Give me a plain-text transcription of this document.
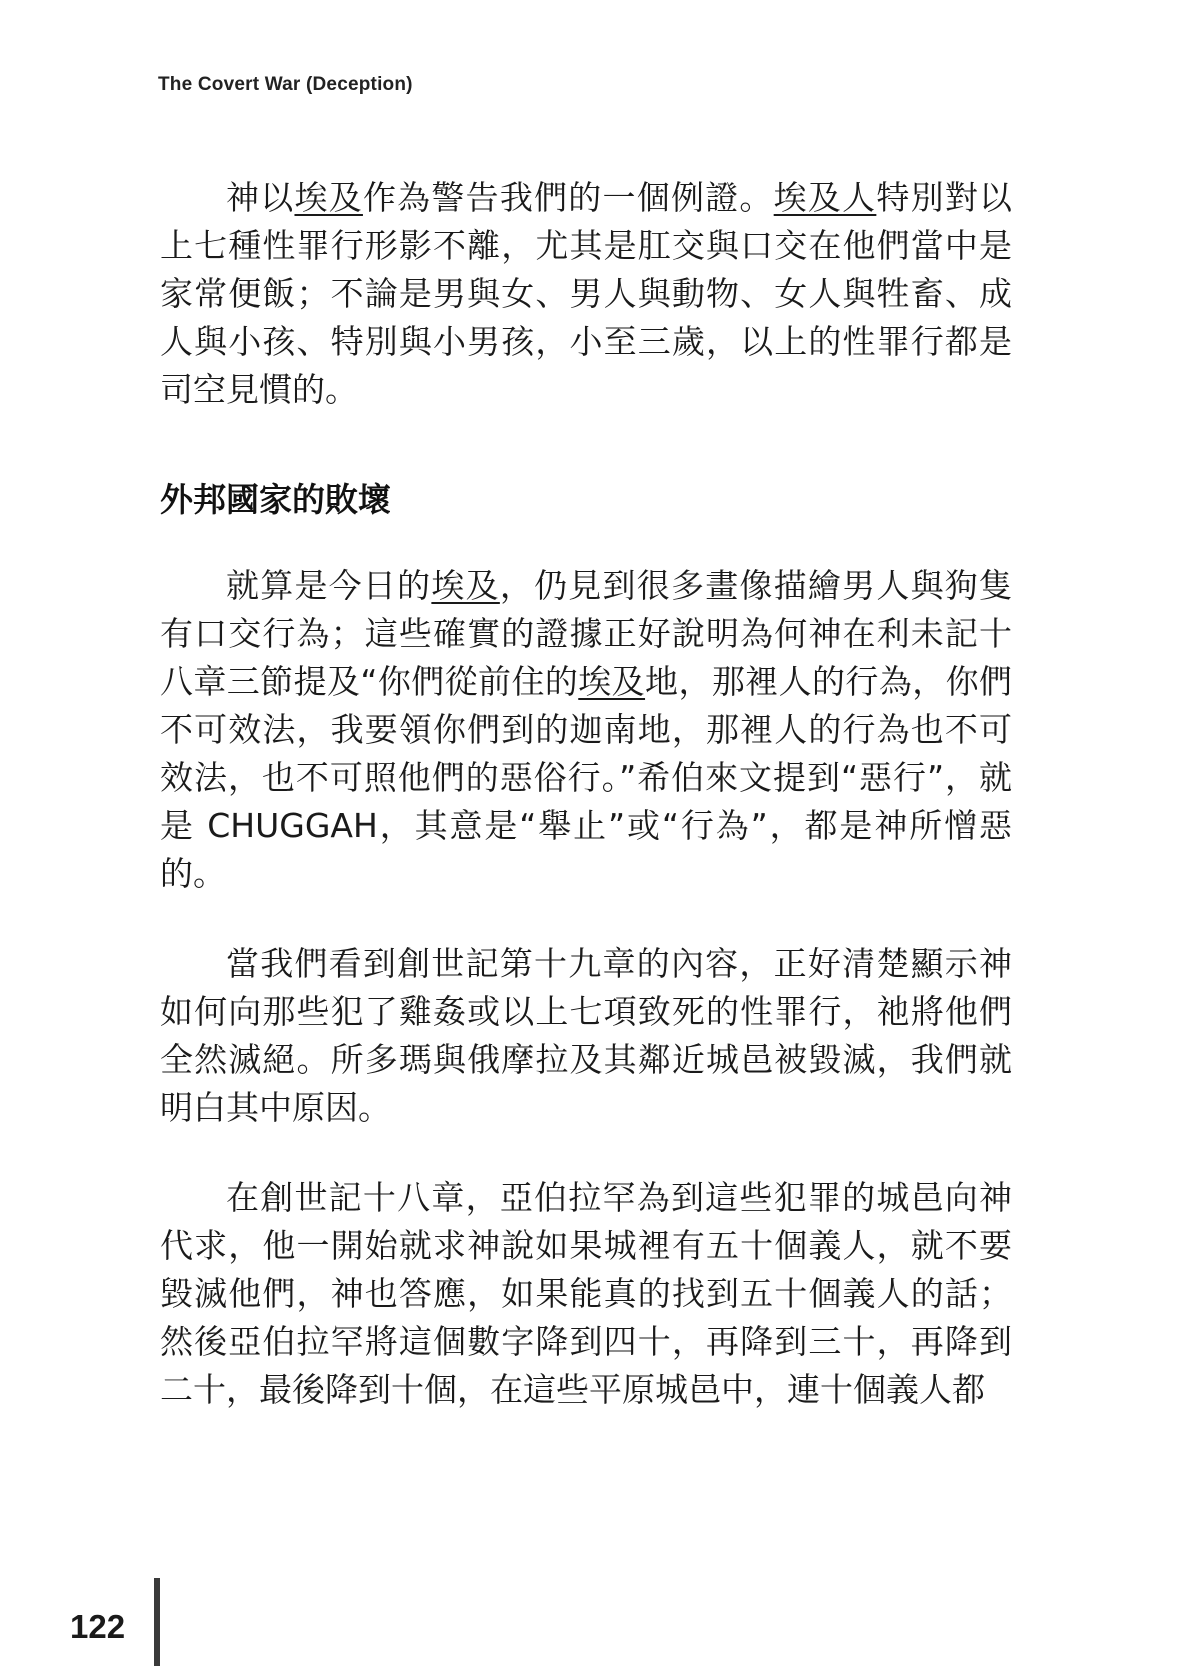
The Covert War (Deception)

神以埃及作為警告我們的一個例證。埃及人特別對以上七種性罪行形影不離，尤其是肛交與口交在他們當中是家常便飯；不論是男與女、男人與動物、女人與牲畜、成人與小孩、特別與小男孩，小至三歲，以上的性罪行都是司空見慣的。

外邦國家的敗壞

就算是今日的埃及，仍見到很多畫像描繪男人與狗隻有口交行為；這些確實的證據正好說明為何神在利未記十八章三節提及“你們從前住的埃及地，那裡人的行為，你們不可效法，我要領你們到的迦南地，那裡人的行為也不可效法，也不可照他們的惡俗行。”希伯來文提到“惡行”，就是 CHUGGAH，其意是“舉止”或“行為”，都是神所憎惡的。

當我們看到創世記第十九章的內容，正好清楚顯示神如何向那些犯了雞姦或以上七項致死的性罪行，祂將他們全然滅絕。所多瑪與俄摩拉及其鄰近城邑被毀滅，我們就明白其中原因。

在創世記十八章，亞伯拉罕為到這些犯罪的城邑向神代求，他一開始就求神說如果城裡有五十個義人，就不要毀滅他們，神也答應，如果能真的找到五十個義人的話；然後亞伯拉罕將這個數字降到四十，再降到三十，再降到二十，最後降到十個，在這些平原城邑中，連十個義人都

122
